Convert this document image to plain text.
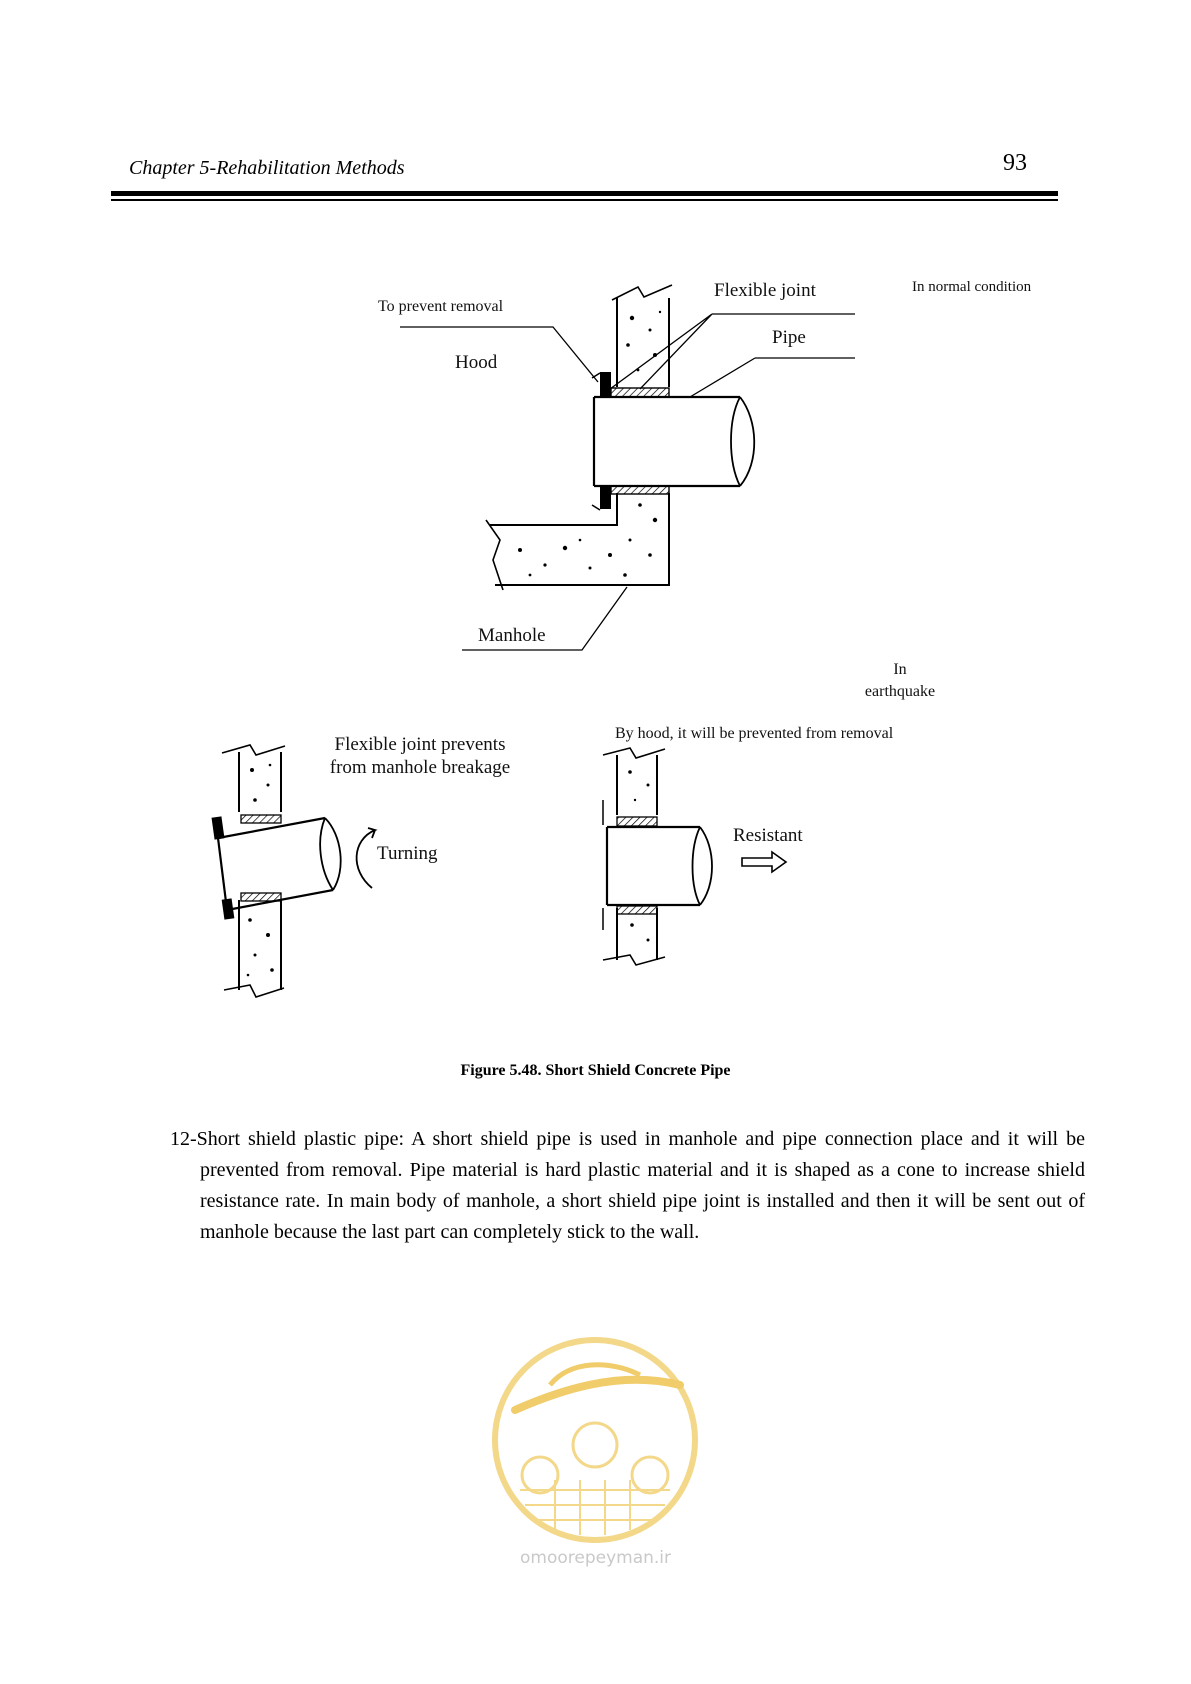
Chapter 5-Rehabilitation Methods	93
Flexible joint	In normal condition
To prevent removal
Pipe
Hood
Manhole
In
earthquake
Flexible joint prevents
from manhole breakage
By hood, it will be prevented from removal
Resistant
Turning
Figure 5.48. Short Shield Concrete Pipe
12-Short shield plastic pipe: A short shield pipe is used in manhole and pipe connection place and it will be prevented from removal. Pipe material is hard plastic material and it is shaped as a cone to increase shield resistance rate. In main body of manhole, a short shield pipe joint is installed and then it will be sent out of manhole because the last part can completely stick to the wall.
omoorepeyman.ir
